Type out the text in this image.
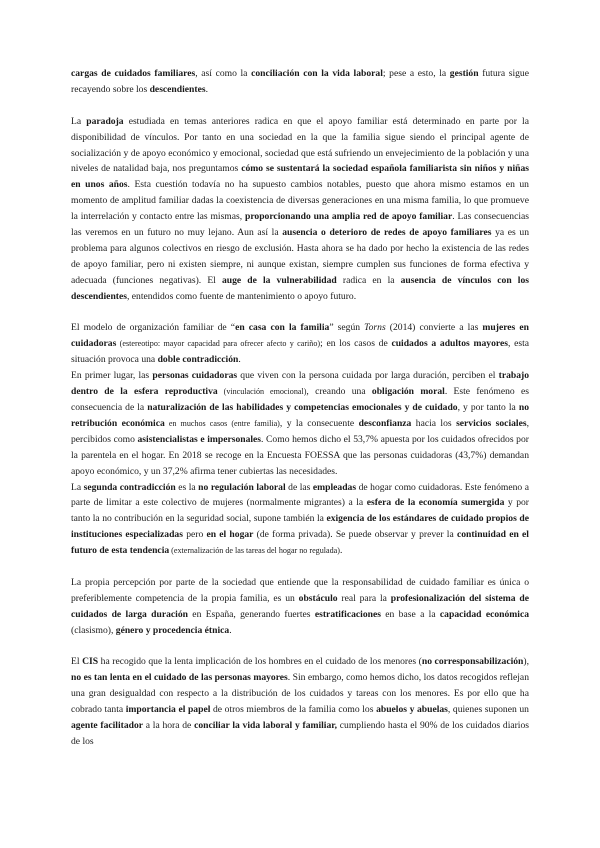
cargas de cuidados familiares, así como la conciliación con la vida laboral; pese a esto, la gestión futura sigue recayendo sobre los descendientes.

La paradoja estudiada en temas anteriores radica en que el apoyo familiar está determinado en parte por la disponibilidad de vínculos. Por tanto en una sociedad en la que la familia sigue siendo el principal agente de socialización y de apoyo económico y emocional, sociedad que está sufriendo un envejecimiento de la población y una niveles de natalidad baja, nos preguntamos cómo se sustentará la sociedad española familiarista sin niños y niñas en unos años. Esta cuestión todavía no ha supuesto cambios notables, puesto que ahora mismo estamos en un momento de amplitud familiar dadas la coexistencia de diversas generaciones en una misma familia, lo que promueve la interrelación y contacto entre las mismas, proporcionando una amplia red de apoyo familiar. Las consecuencias las veremos en un futuro no muy lejano. Aun así la ausencia o deterioro de redes de apoyo familiares ya es un problema para algunos colectivos en riesgo de exclusión. Hasta ahora se ha dado por hecho la existencia de las redes de apoyo familiar, pero ni existen siempre, ni aunque existan, siempre cumplen sus funciones de forma efectiva y adecuada (funciones negativas). El auge de la vulnerabilidad radica en la ausencia de vínculos con los descendientes, entendidos como fuente de mantenimiento o apoyo futuro.

El modelo de organización familiar de “en casa con la familia” según Torns (2014) convierte a las mujeres en cuidadoras (estereotipo: mayor capacidad para ofrecer afecto y cariño); en los casos de cuidados a adultos mayores, esta situación provoca una doble contradicción.

En primer lugar, las personas cuidadoras que viven con la persona cuidada por larga duración, perciben el trabajo dentro de la esfera reproductiva (vinculación emocional), creando una obligación moral. Este fenómeno es consecuencia de la naturalización de las habilidades y competencias emocionales y de cuidado, y por tanto la no retribución económica en muchos casos (entre familia), y la consecuente desconfianza hacia los servicios sociales, percibidos como asistencialistas e impersonales. Como hemos dicho el 53,7% apuesta por los cuidados ofrecidos por la parentela en el hogar. En 2018 se recoge en la Encuesta FOESSA que las personas cuidadoras (43,7%) demandan apoyo económico, y un 37,2% afirma tener cubiertas las necesidades.

La segunda contradicción es la no regulación laboral de las empleadas de hogar como cuidadoras. Este fenómeno a parte de limitar a este colectivo de mujeres (normalmente migrantes) a la esfera de la economía sumergida y por tanto la no contribución en la seguridad social, supone también la exigencia de los estándares de cuidado propios de instituciones especializadas pero en el hogar (de forma privada). Se puede observar y prever la continuidad en el futuro de esta tendencia (externalización de las tareas del hogar no regulada).

La propia percepción por parte de la sociedad que entiende que la responsabilidad de cuidado familiar es única o preferiblemente competencia de la propia familia, es un obstáculo real para la profesionalización del sistema de cuidados de larga duración en España, generando fuertes estratificaciones en base a la capacidad económica (clasismo), género y procedencia étnica.

El CIS ha recogido que la lenta implicación de los hombres en el cuidado de los menores (no corresponsabilización), no es tan lenta en el cuidado de las personas mayores. Sin embargo, como hemos dicho, los datos recogidos reflejan una gran desigualdad con respecto a la distribución de los cuidados y tareas con los menores. Es por ello que ha cobrado tanta importancia el papel de otros miembros de la familia como los abuelos y abuelas, quienes suponen un agente facilitador a la hora de conciliar la vida laboral y familiar, cumpliendo hasta el 90% de los cuidados diarios de los
